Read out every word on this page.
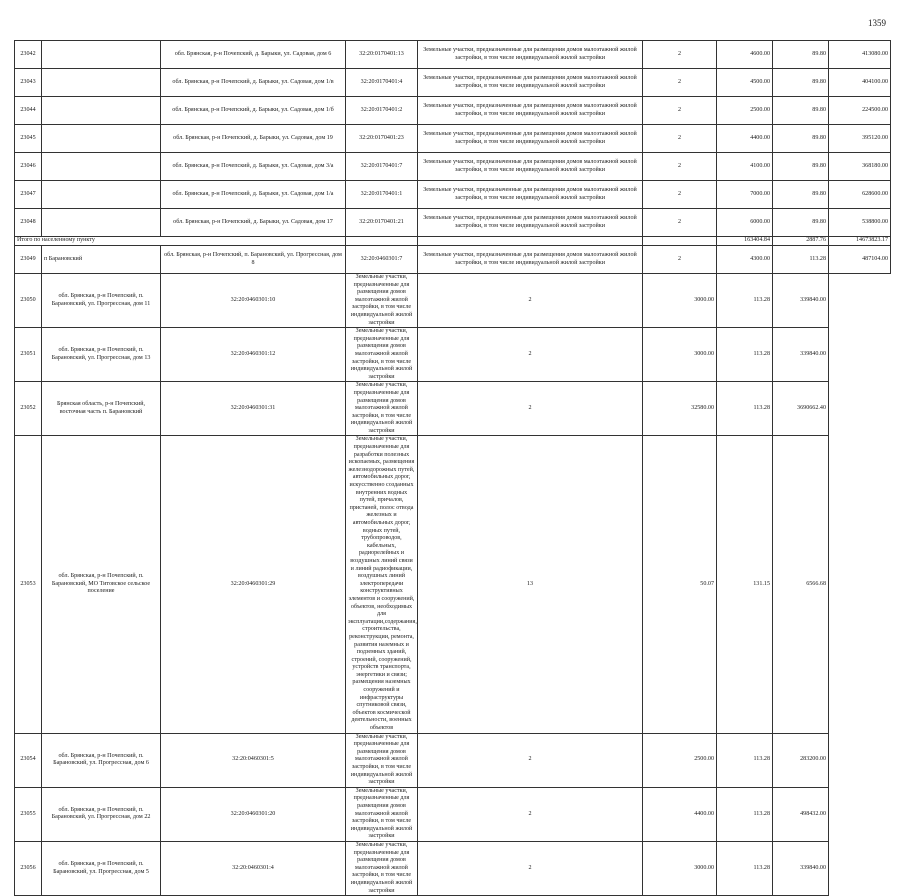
1359
23042		обл. Брянская, р-н Почепский, д. Барыки, ул. Садовая, дом 6	32:20:0170401:13	Земельные участки, предназначенные для размещения домов малоэтажной жилой застройки, в том числе индивидуальной жилой застройки	2	4600.00	89.80	413080.00
23043		обл. Брянская, р-н Почепский, д. Барыки, ул. Садовая, дом 1/в	32:20:0170401:4	Земельные участки, предназначенные для размещения домов малоэтажной жилой застройки, в том числе индивидуальной жилой застройки	2	4500.00	89.80	404100.00
23044		обл. Брянская, р-н Почепский, д. Барыки, ул. Садовая, дом 1/б	32:20:0170401:2	Земельные участки, предназначенные для размещения домов малоэтажной жилой застройки, в том числе индивидуальной жилой застройки	2	2500.00	89.80	224500.00
23045		обл. Брянская, р-н Почепский, д. Барыки, ул. Садовая, дом 19	32:20:0170401:23	Земельные участки, предназначенные для размещения домов малоэтажной жилой застройки, в том числе индивидуальной жилой застройки	2	4400.00	89.80	395120.00
23046		обл. Брянская, р-н Почепский, д. Барыки, ул. Садовая, дом 3/а	32:20:0170401:7	Земельные участки, предназначенные для размещения домов малоэтажной жилой застройки, в том числе индивидуальной жилой застройки	2	4100.00	89.80	368180.00
23047		обл. Брянская, р-н Почепский, д. Барыки, ул. Садовая, дом 1/а	32:20:0170401:1	Земельные участки, предназначенные для размещения домов малоэтажной жилой застройки, в том числе индивидуальной жилой застройки	2	7000.00	89.80	628600.00
23048		обл. Брянская, р-н Почепский, д. Барыки, ул. Садовая, дом 17	32:20:0170401:21	Земельные участки, предназначенные для размещения домов малоэтажной жилой застройки, в том числе индивидуальной жилой застройки	2	6000.00	89.80	538800.00
Итого по населенному пункту						163404.84	2887.76	14673823.17
23049	п Барановский	обл. Брянская, р-н Почепский, п. Барановский, ул. Прогрессная, дом 8	32:20:0460301:7	Земельные участки, предназначенные для размещения домов малоэтажной жилой застройки, в том числе индивидуальной жилой застройки	2	4300.00	113.28	487104.00
23050	обл. Брянская, р-н Почепский, п. Барановский, ул. Прогрессная, дом 11	32:20:0460301:10	Земельные участки, предназначенные для размещения домов малоэтажной жилой застройки, в том числе индивидуальной жилой застройки	2	3000.00	113.28	339840.00	
23051	обл. Брянская, р-н Почепский, п. Барановский, ул. Прогрессная, дом 13	32:20:0460301:12	Земельные участки, предназначенные для размещения домов малоэтажной жилой застройки, в том числе индивидуальной жилой застройки	2	3000.00	113.28	339840.00	
23052	Брянская область, р-н Почепский, восточная часть п. Барановский	32:20:0460301:31	Земельные участки, предназначенные для размещения домов малоэтажной жилой застройки, в том числе индивидуальной жилой застройки	2	32580.00	113.28	3690662.40	
23053	обл. Брянская, р-н Почепский, п. Барановский, МО Титовское сельское поселение	32:20:0460301:29	Земельные участки, предназначенные для разработки полезных ископаемых, размещения железнодорожных путей, автомобильных дорог, искусственно созданных внутренних водных путей, причалов, пристаней, полос отвода железных и автомобильных дорог, водных путей, трубопроводов, кабельных, радиорелейных и воздушных линий связи и линий радиофикации, воздушных линий электропередачи конструктивных элементов и сооружений, объектов, необходимых для эксплуатации,содержания, строительства, реконструкции, ремонта, развития наземных и подземных зданий, строений, сооружений, устройств транспорта, энергетики и связи; размещения наземных сооружений и инфраструктуры спутниковой связи, объектов космической деятельности, военных объектов	13	50.07	131.15	6566.68	
23054	обл. Брянская, р-н Почепский, п. Барановский, ул. Прогрессная, дом 6	32:20:0460301:5	Земельные участки, предназначенные для размещения домов малоэтажной жилой застройки, в том числе индивидуальной жилой застройки	2	2500.00	113.28	283200.00	
23055	обл. Брянская, р-н Почепский, п. Барановский, ул. Прогрессная, дом 22	32:20:0460301:20	Земельные участки, предназначенные для размещения домов малоэтажной жилой застройки, в том числе индивидуальной жилой застройки	2	4400.00	113.28	498432.00	
23056	обл. Брянская, р-н Почепский, п. Барановский, ул. Прогрессная, дом 5	32:20:0460301:4	Земельные участки, предназначенные для размещения домов малоэтажной жилой застройки, в том числе индивидуальной жилой застройки	2	3000.00	113.28	339840.00	
